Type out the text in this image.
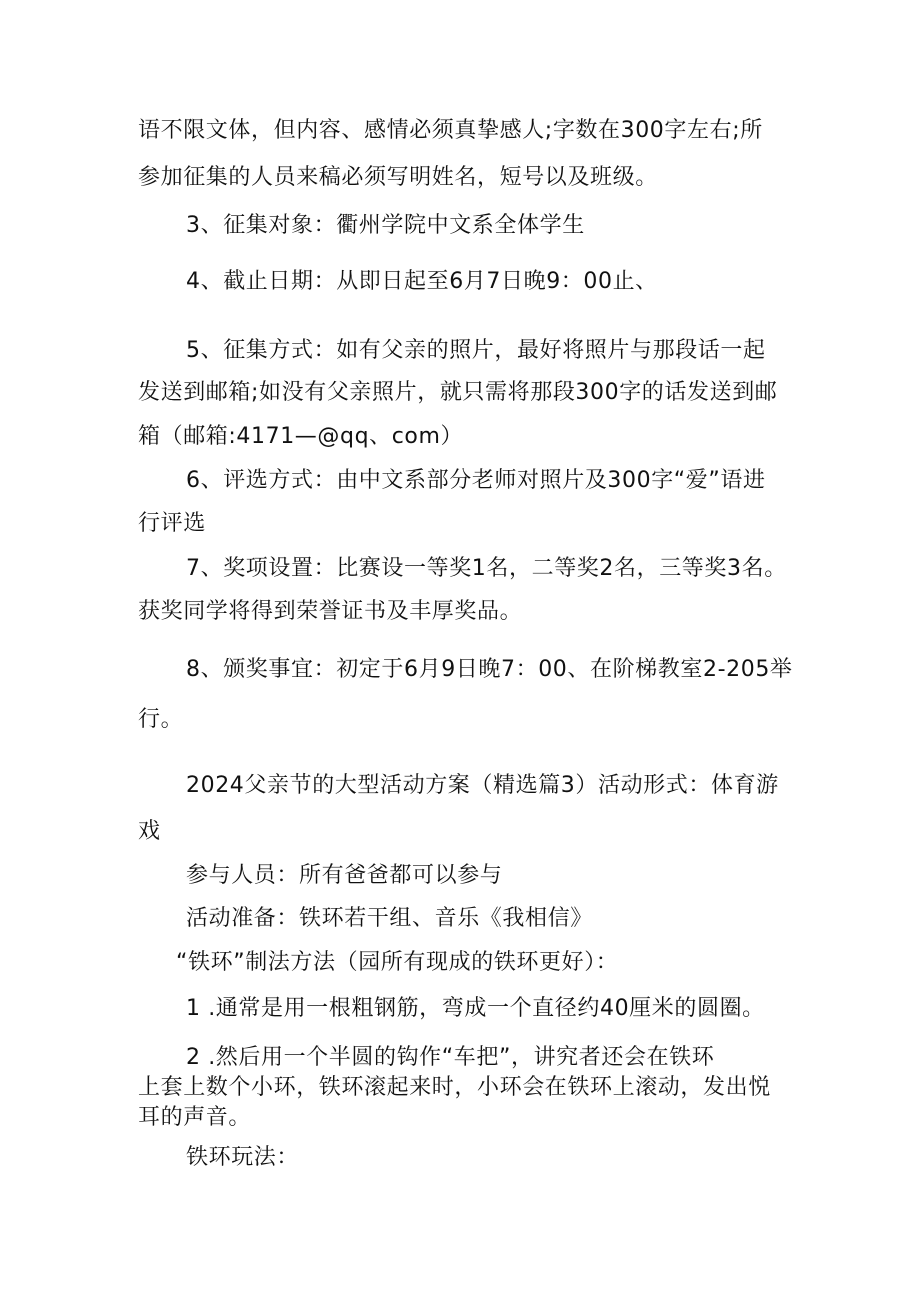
语不限文体，但内容、感情必须真挚感人;字数在300字左右;所

参加征集的人员来稿必须写明姓名，短号以及班级。

3、征集对象：衢州学院中文系全体学生

4、截止日期：从即日起至6月7日晚9：00止、

5、征集方式：如有父亲的照片，最好将照片与那段话一起

发送到邮箱;如没有父亲照片，就只需将那段300字的话发送到邮

箱（邮箱:4171—@qq、com）

6、评选方式：由中文系部分老师对照片及300字“爱”语进

行评选

7、奖项设置：比赛设一等奖1名，二等奖2名，三等奖3名。

获奖同学将得到荣誉证书及丰厚奖品。

8、颁奖事宜：初定于6月9日晚7：00、在阶梯教室2-205举

行。

2024父亲节的大型活动方案（精选篇3）活动形式：体育游

戏

参与人员：所有爸爸都可以参与

活动准备：铁环若干组、音乐《我相信》

“铁环”制法方法（园所有现成的铁环更好）：

1 .通常是用一根粗钢筋，弯成一个直径约40厘米的圆圈。

2 .然后用一个半圆的钩作“车把”，讲究者还会在铁环

上套上数个小环，铁环滚起来时，小环会在铁环上滚动，发出悦

耳的声音。

铁环玩法：
